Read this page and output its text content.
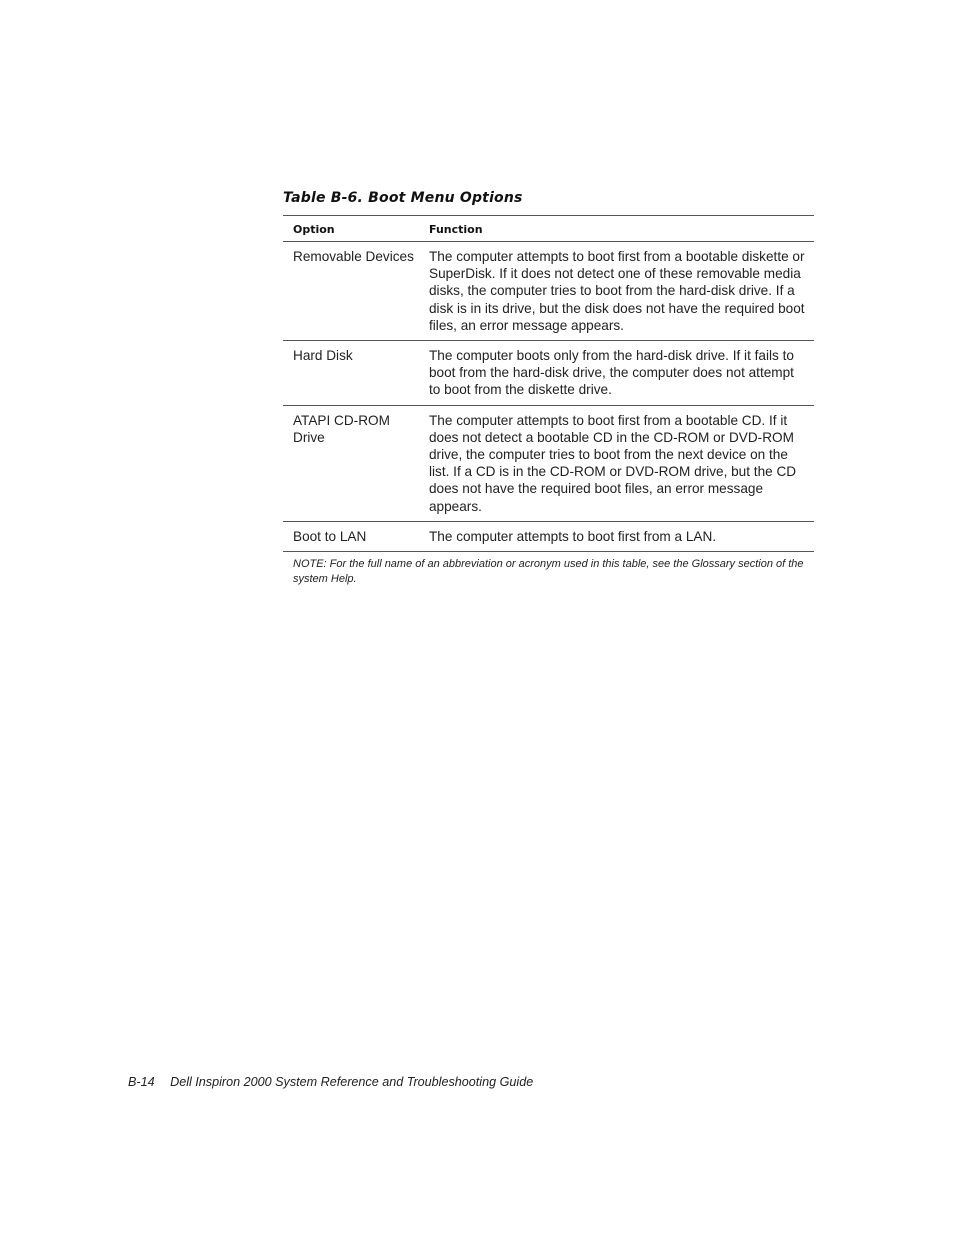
Table B-6. Boot Menu Options
Option	Function
Removable Devices	The computer attempts to boot first from a bootable diskette or SuperDisk. If it does not detect one of these removable media disks, the computer tries to boot from the hard-disk drive. If a disk is in its drive, but the disk does not have the required boot files, an error message appears.
Hard Disk	The computer boots only from the hard-disk drive. If it fails to boot from the hard-disk drive, the computer does not attempt to boot from the diskette drive.
ATAPI CD-ROM Drive	The computer attempts to boot first from a bootable CD. If it does not detect a bootable CD in the CD-ROM or DVD-ROM drive, the computer tries to boot from the next device on the list. If a CD is in the CD-ROM or DVD-ROM drive, but the CD does not have the required boot files, an error message appears.
Boot to LAN	The computer attempts to boot first from a LAN.

NOTE: For the full name of an abbreviation or acronym used in this table, see the Glossary section of the system Help.

B-14 Dell Inspiron 2000 System Reference and Troubleshooting Guide
